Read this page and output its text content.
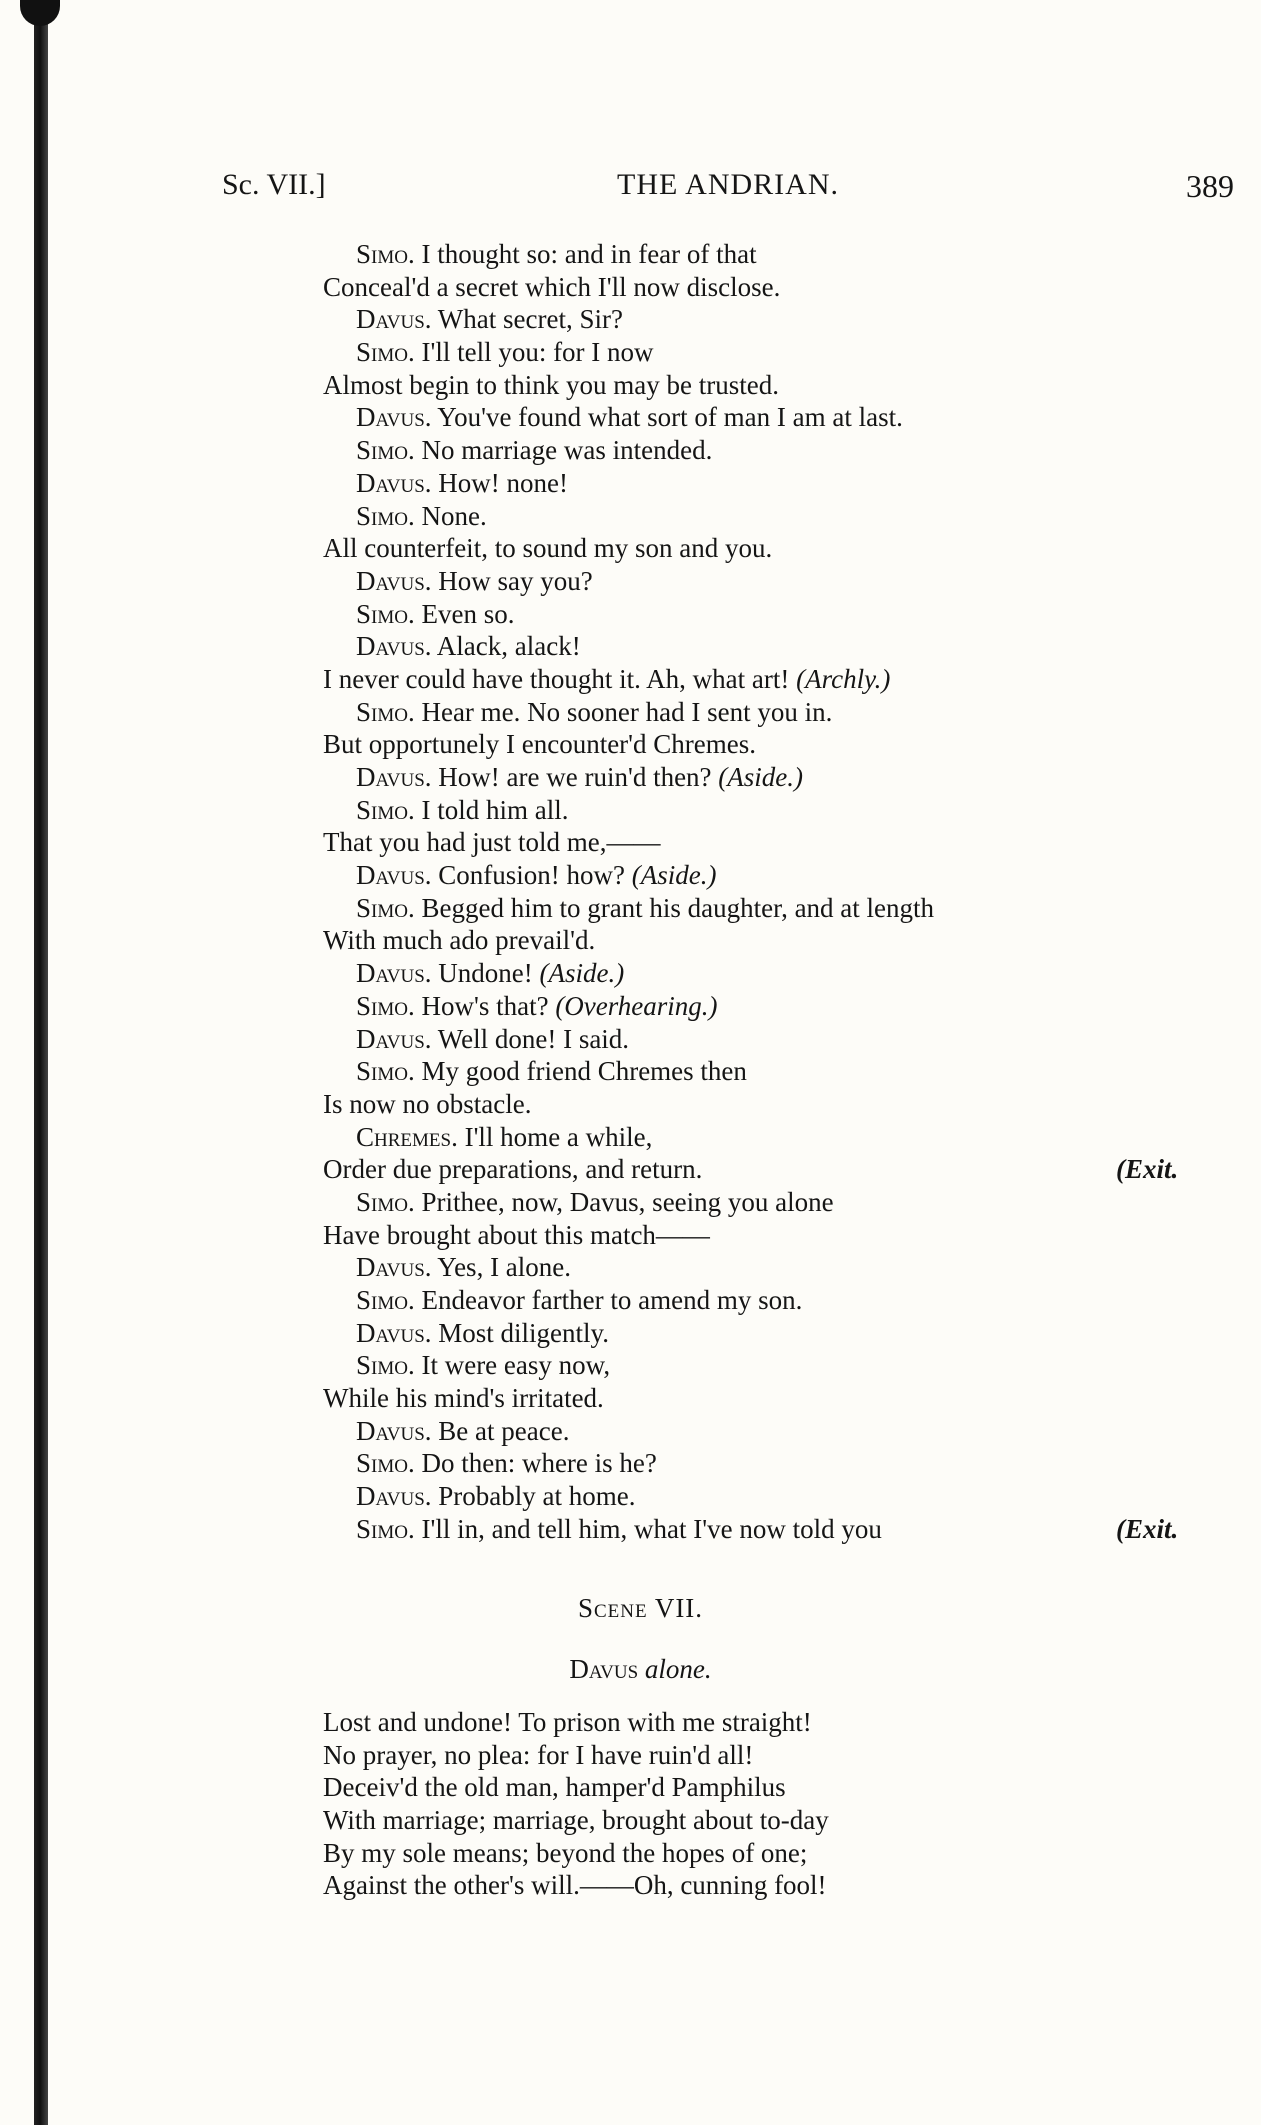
Sc. VII.]	THE ANDRIAN.	389
Simo. I thought so: and in fear of that
Conceal'd a secret which I'll now disclose.
Davus. What secret, Sir?
Simo. I'll tell you: for I now
Almost begin to think you may be trusted.
Davus. You've found what sort of man I am at last.
Simo. No marriage was intended.
Davus. How! none!
Simo. None.
All counterfeit, to sound my son and you.
Davus. How say you?
Simo. Even so.
Davus. Alack, alack!
I never could have thought it. Ah, what art! (Archly.)
Simo. Hear me. No sooner had I sent you in.
But opportunely I encounter'd Chremes.
Davus. How! are we ruin'd then? (Aside.)
Simo. I told him all.
That you had just told me,——
Davus. Confusion! how? (Aside.)
Simo. Begged him to grant his daughter, and at length
With much ado prevail'd.
Davus. Undone! (Aside.)
Simo. How's that? (Overhearing.)
Davus. Well done! I said.
Simo. My good friend Chremes then
Is now no obstacle.
Chremes. I'll home a while,
Order due preparations, and return.	(Exit.
Simo. Prithee, now, Davus, seeing you alone
Have brought about this match——
Davus. Yes, I alone.
Simo. Endeavor farther to amend my son.
Davus. Most diligently.
Simo. It were easy now,
While his mind's irritated.
Davus. Be at peace.
Simo. Do then: where is he?
Davus. Probably at home.
Simo. I'll in, and tell him, what I've now told you	(Exit.
Scene VII.
Davus alone.
Lost and undone! To prison with me straight!
No prayer, no plea: for I have ruin'd all!
Deceiv'd the old man, hamper'd Pamphilus
With marriage; marriage, brought about to-day
By my sole means; beyond the hopes of one;
Against the other's will.——Oh, cunning fool!
